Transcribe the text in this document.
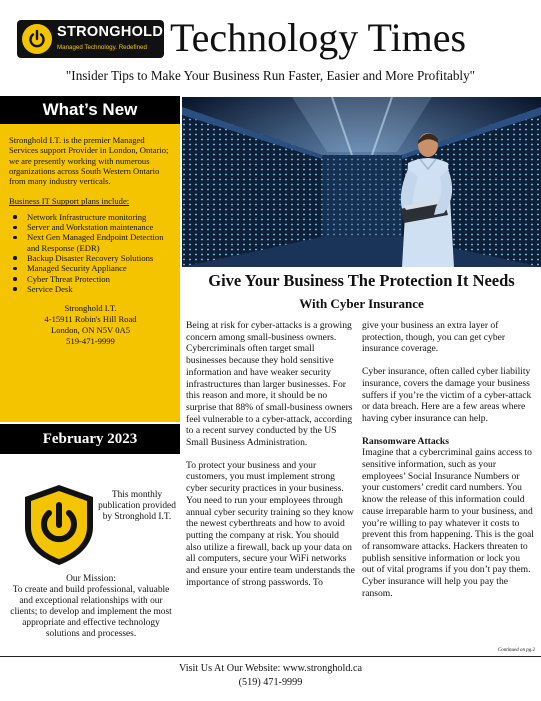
STRONGHOLD I.T.
Managed Technology. Redefined Technology Times
"Insider Tips to Make Your Business Run Faster, Easier and More Profitably"
What’s New

Stronghold I.T. is the premier Managed Services support Provider in London, Ontario; we are presently working with numerous organizations across South Western Ontario from many industry verticals.

Business IT Support plans include:
Network Infrastructure monitoring
Server and Workstation maintenance
Next Gen Managed Endpoint Detection and Response (EDR)
Backup Disaster Recovery Solutions
Managed Security Appliance
Cyber Threat Protection
Service Desk
Stronghold I.T.
4-15911 Robin's Hill Road
London, ON N5V 0A5
519-471-9999
February 2023
This monthly publication provided by Stronghold I.T.
Our Mission:
To create and build professional, valuable and exceptional relationships with our clients; to develop and implement the most appropriate and effective technology solutions and processes.
Give Your Business The Protection It Needs
With Cyber Insurance

Being at risk for cyber-attacks is a growing concern among small-business owners. Cybercriminals often target small businesses because they hold sensitive information and have weaker security infrastructures than larger businesses. For this reason and more, it should be no surprise that 88% of small-business owners feel vulnerable to a cyber-attack, according to a recent survey conducted by the US Small Business Administration.

To protect your business and your customers, you must implement strong cyber security practices in your business. You need to run your employees through annual cyber security training so they know the newest cyberthreats and how to avoid putting the company at risk. You should also utilize a firewall, back up your data on all computers, secure your WiFi networks and ensure your entire team understands the importance of strong passwords. To

give your business an extra layer of protection, though, you can get cyber insurance coverage.

Cyber insurance, often called cyber liability insurance, covers the damage your business suffers if you’re the victim of a cyber-attack or data breach. Here are a few areas where having cyber insurance can help.

Ransomware Attacks

Imagine that a cybercriminal gains access to sensitive information, such as your employees’ Social Insurance Numbers or your customers’ credit card numbers. You know the release of this information could cause irreparable harm to your business, and you’re willing to pay whatever it costs to prevent this from happening. This is the goal of ransomware attacks. Hackers threaten to publish sensitive information or lock you out of vital programs if you don’t pay them. Cyber insurance will help you pay the ransom.

Continued on pg.2
Visit Us At Our Website: www.stronghold.ca
(519) 471-9999
